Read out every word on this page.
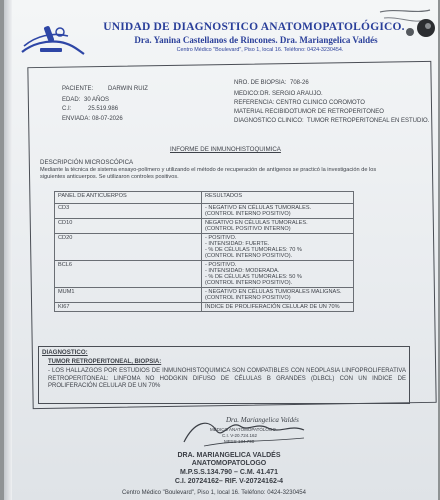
UNIDAD DE DIAGNOSTICO ANATOMOPATOLÓGICO.
Dra. Yanina Castellanos de Rincones. Dra. Mariangelica Valdés
Centro Médico "Boulevard", Piso 1, local 16. Teléfono: 0424-3230454.
PACIENTE: DARWIN RUIZ
EDAD: 30 AÑOS
C.I:	25.519.986
ENVIADA: 08-07-2026
NRO. DE BIOPSIA: 708-26
MEDICO: DR. SERGIO ARAUJO.
REFERENCIA: CENTRO CLINICO COROMOTO
MATERIAL RECIBIDO:
TUMOR DE RETROPERITONEO
DIAGNOSTICO CLINICO: TUMOR RETROPERITONEAL EN ESTUDIO.
INFORME DE INMUNOHISTOQUIMICA
DESCRIPCIÓN MICROSCÓPICA
Mediante la técnica de sistema ensayo-polímero y utilizando el método de recuperación de antígenos se practicó la investigación de los siguientes anticuerpos. Se utilizaron controles positivos.
PANEL DE ANTICUERPOS	RESULTADOS
CD3	- NEGATIVO EN CÉLULAS TUMORALES.
(CONTROL INTERNO POSITIVO)

CD10	NEGATIVO EN CÉLULAS TUMORALES.
(CONTROL POSITIVO INTERNO)

CD20	- POSITIVO.
- INTENSIDAD: FUERTE.
- % DE CÉLULAS TUMORALES: 70 %
(CONTROL INTERNO POSITIVO).

BCL6	- POSITIVO.
- INTENSIDAD: MODERADA.
- % DE CÉLULAS TUMORALES: 50 %
(CONTROL INTERNO POSITIVO).

MUM1	- NEGATIVO EN CÉLULAS TUMORALES MALIGNAS.
(CONTROL INTERNO POSITIVO)

KI67	ÍNDICE DE PROLIFERACIÓN CELULAR DE UN 70%
DIAGNOSTICO:
TUMOR RETROPERITONEAL, BIOPSIA:
- LOS HALLAZGOS POR ESTUDIOS DE INMUNOHISTOQUIMICA SON COMPATIBLES CON NEOPLASIA LINFOPROLIFERATIVA RETROPERITONEAL: LINFOMA NO HODGKIN DIFUSO DE CÉLULAS B GRANDES (DLBCL) CON UN INDICE DE PROLIFERACIÓN CELULAR DE UN 70%
Dra. Mariangelica Valdés
MÉDICO ANATOMOPATÓLOGO
C.I. V-20.724.162
MPSS 134.790
DRA. MARIANGELICA VALDÉS
ANATOMOPATOLOGO
M.P.S.S.134.790 – C.M. 41.471
C.I. 20724162– RIF. V-20724162-4
Centro Médico "Boulevard", Piso 1, local 16. Teléfono: 0424-3230454
